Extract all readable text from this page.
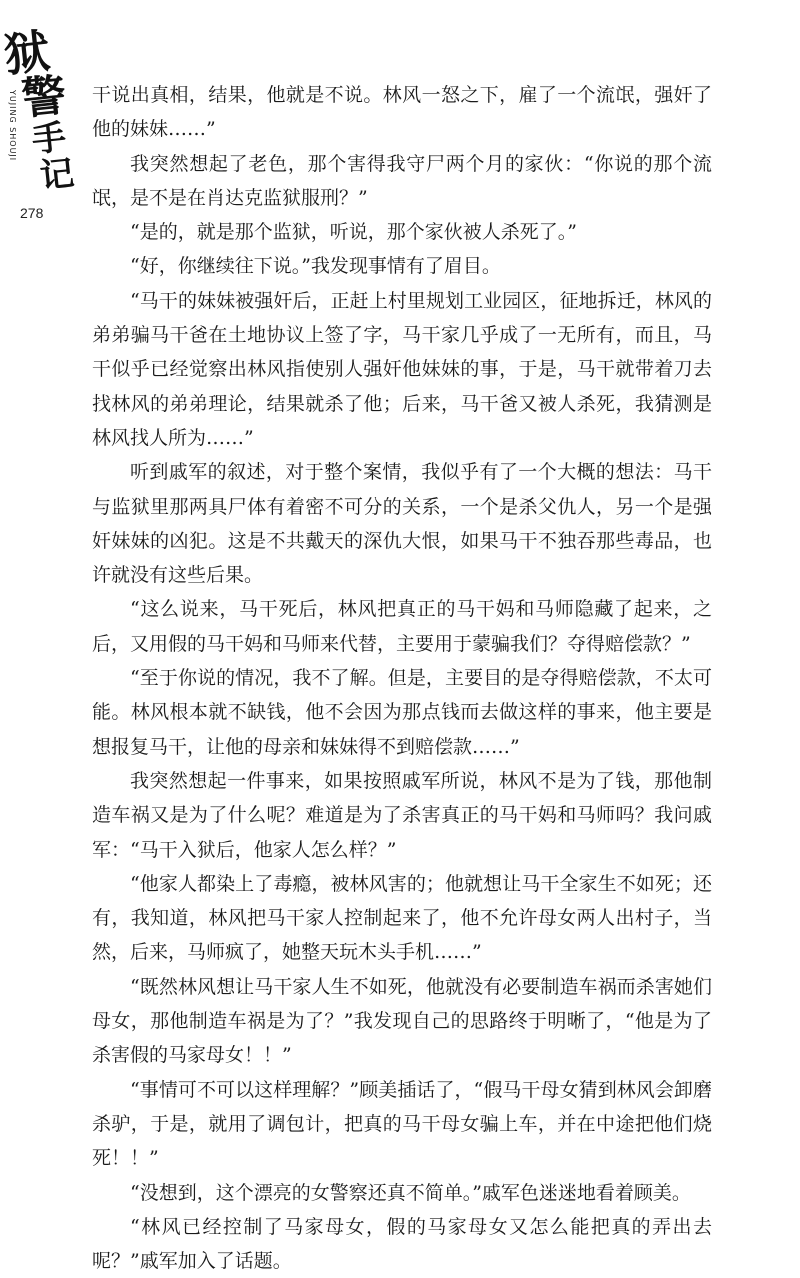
狱
警
手
记
YUJING SHOUJI
278

干说出真相，结果，他就是不说。林风一怒之下，雇了一个流氓，强奸了他的妹妹……”

我突然想起了老色，那个害得我守尸两个月的家伙：“你说的那个流氓，是不是在肖达克监狱服刑？”

“是的，就是那个监狱，听说，那个家伙被人杀死了。”

“好，你继续往下说。”我发现事情有了眉目。

“马干的妹妹被强奸后，正赶上村里规划工业园区，征地拆迁，林风的弟弟骗马干爸在土地协议上签了字，马干家几乎成了一无所有，而且，马干似乎已经觉察出林风指使别人强奸他妹妹的事，于是，马干就带着刀去找林风的弟弟理论，结果就杀了他；后来，马干爸又被人杀死，我猜测是林风找人所为……”

听到戚军的叙述，对于整个案情，我似乎有了一个大概的想法：马干与监狱里那两具尸体有着密不可分的关系，一个是杀父仇人，另一个是强奸妹妹的凶犯。这是不共戴天的深仇大恨，如果马干不独吞那些毒品，也许就没有这些后果。

“这么说来，马干死后，林风把真正的马干妈和马师隐藏了起来，之后，又用假的马干妈和马师来代替，主要用于蒙骗我们？夺得赔偿款？”

“至于你说的情况，我不了解。但是，主要目的是夺得赔偿款，不太可能。林风根本就不缺钱，他不会因为那点钱而去做这样的事来，他主要是想报复马干，让他的母亲和妹妹得不到赔偿款……”

我突然想起一件事来，如果按照戚军所说，林风不是为了钱，那他制造车祸又是为了什么呢？难道是为了杀害真正的马干妈和马师吗？我问戚军：“马干入狱后，他家人怎么样？”

“他家人都染上了毒瘾，被林风害的；他就想让马干全家生不如死；还有，我知道，林风把马干家人控制起来了，他不允许母女两人出村子，当然，后来，马师疯了，她整天玩木头手机……”

“既然林风想让马干家人生不如死，他就没有必要制造车祸而杀害她们母女，那他制造车祸是为了？”我发现自己的思路终于明晰了，“他是为了杀害假的马家母女！！”

“事情可不可以这样理解？”顾美插话了，“假马干母女猜到林风会卸磨杀驴，于是，就用了调包计，把真的马干母女骗上车，并在中途把他们烧死！！”

“没想到，这个漂亮的女警察还真不简单。”戚军色迷迷地看着顾美。

“林风已经控制了马家母女，假的马家母女又怎么能把真的弄出去呢？”戚军加入了话题。
